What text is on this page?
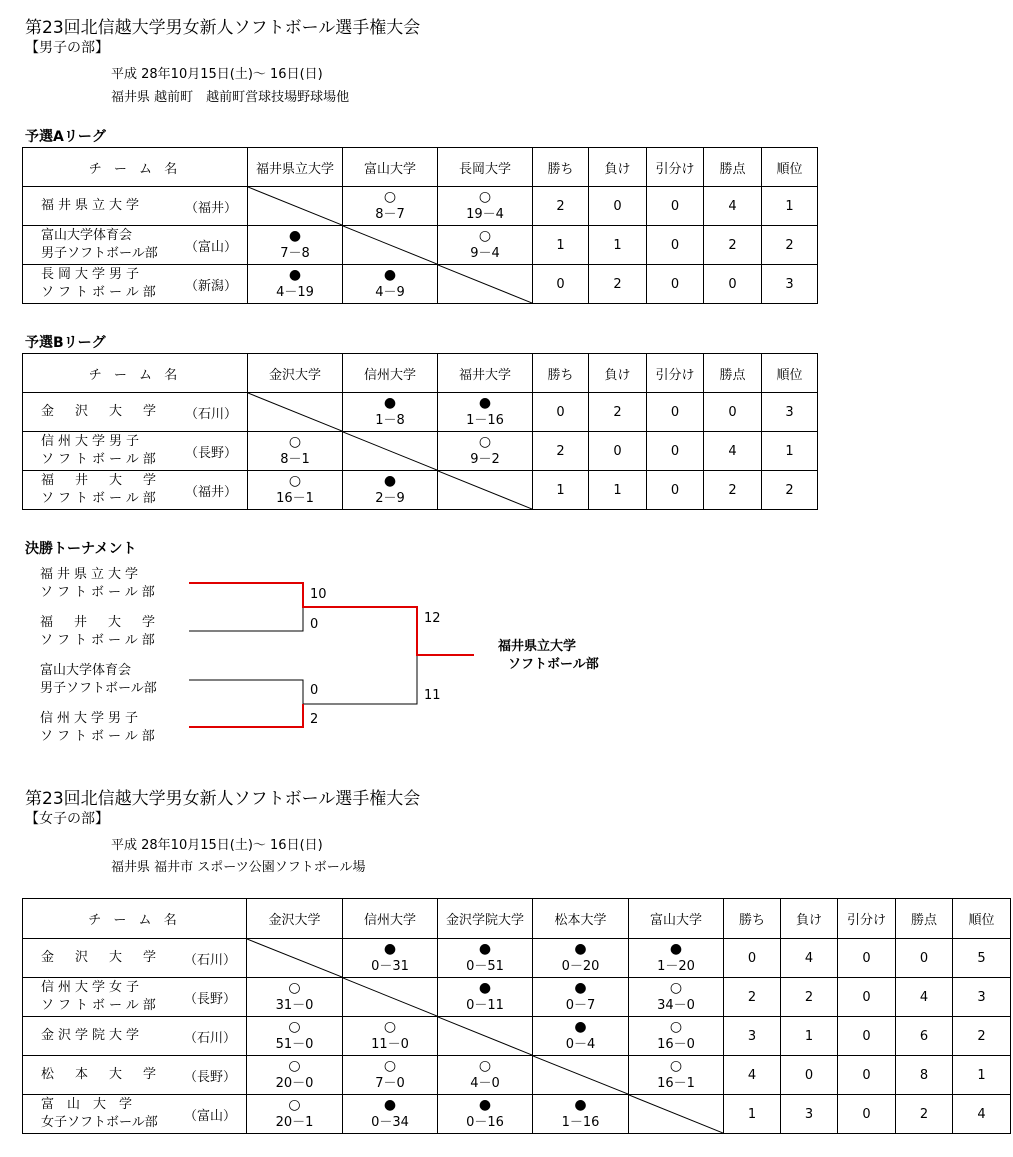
第23回北信越大学男女新人ソフトボール選手権大会
【男子の部】
平成 28年10月15日(土)～ 16日(日)
福井県 越前町　越前町営球技場野球場他
予選Aリーグ
チ ー ム 名	福井県立大学	富山大学	長岡大学	勝ち	負け	引分け	勝点	順位

福井県立大学 （福井）		○
8－7	○
19－4	2	0	0	4	1

富山大学体育会
男子ソフトボール部 （富山）	●
7－8		○
9－4	1	1	0	2	2

長岡大学男子
ソフトボール部 （新潟）	●
4－19	●
4－9		0	2	0	0	3
予選Bリーグ
チ ー ム 名	金沢大学	信州大学	福井大学	勝ち	負け	引分け	勝点	順位

金　沢　大　学 （石川）		●
1－8	●
1－16	0	2	0	0	3

信州大学男子
ソフトボール部 （長野）	○
8－1		○
9－2	2	0	0	4	1

福　井　大　学
ソフトボール部 （福井）	○
16－1	●
2－9		1	1	0	2	2
決勝トーナメント
福井県立大学
ソフトボール部
福　井　大　学
ソフトボール部
富山大学体育会
男子ソフトボール部
信州大学男子
ソフトボール部
10
0
0
2
12
11
福井県立大学
ソフトボール部
第23回北信越大学男女新人ソフトボール選手権大会
【女子の部】
平成 28年10月15日(土)～ 16日(日)
福井県 福井市 スポーツ公園ソフトボール場
チ ー ム 名	金沢大学	信州大学	金沢学院大学	松本大学	富山大学	勝ち	負け	引分け	勝点	順位

金　沢　大　学 （石川）		●
0－31	●
0－51	●
0－20	●
1－20	0	4	0	0	5

信州大学女子
ソフトボール部 （長野）	○
31－0		●
0－11	●
0－7	○
34－0	2	2	0	4	3

金沢学院大学 （石川）	○
51－0	○
11－0		●
0－4	○
16－0	3	1	0	6	2

松　本　大　学 （長野）	○
20－0	○
7－0	○
4－0		○
16－1	4	0	0	8	1

富　山　大　学
女子ソフトボール部 （富山）	○
20－1	●
0－34	●
0－16	●
1－16		1	3	0	2	4
